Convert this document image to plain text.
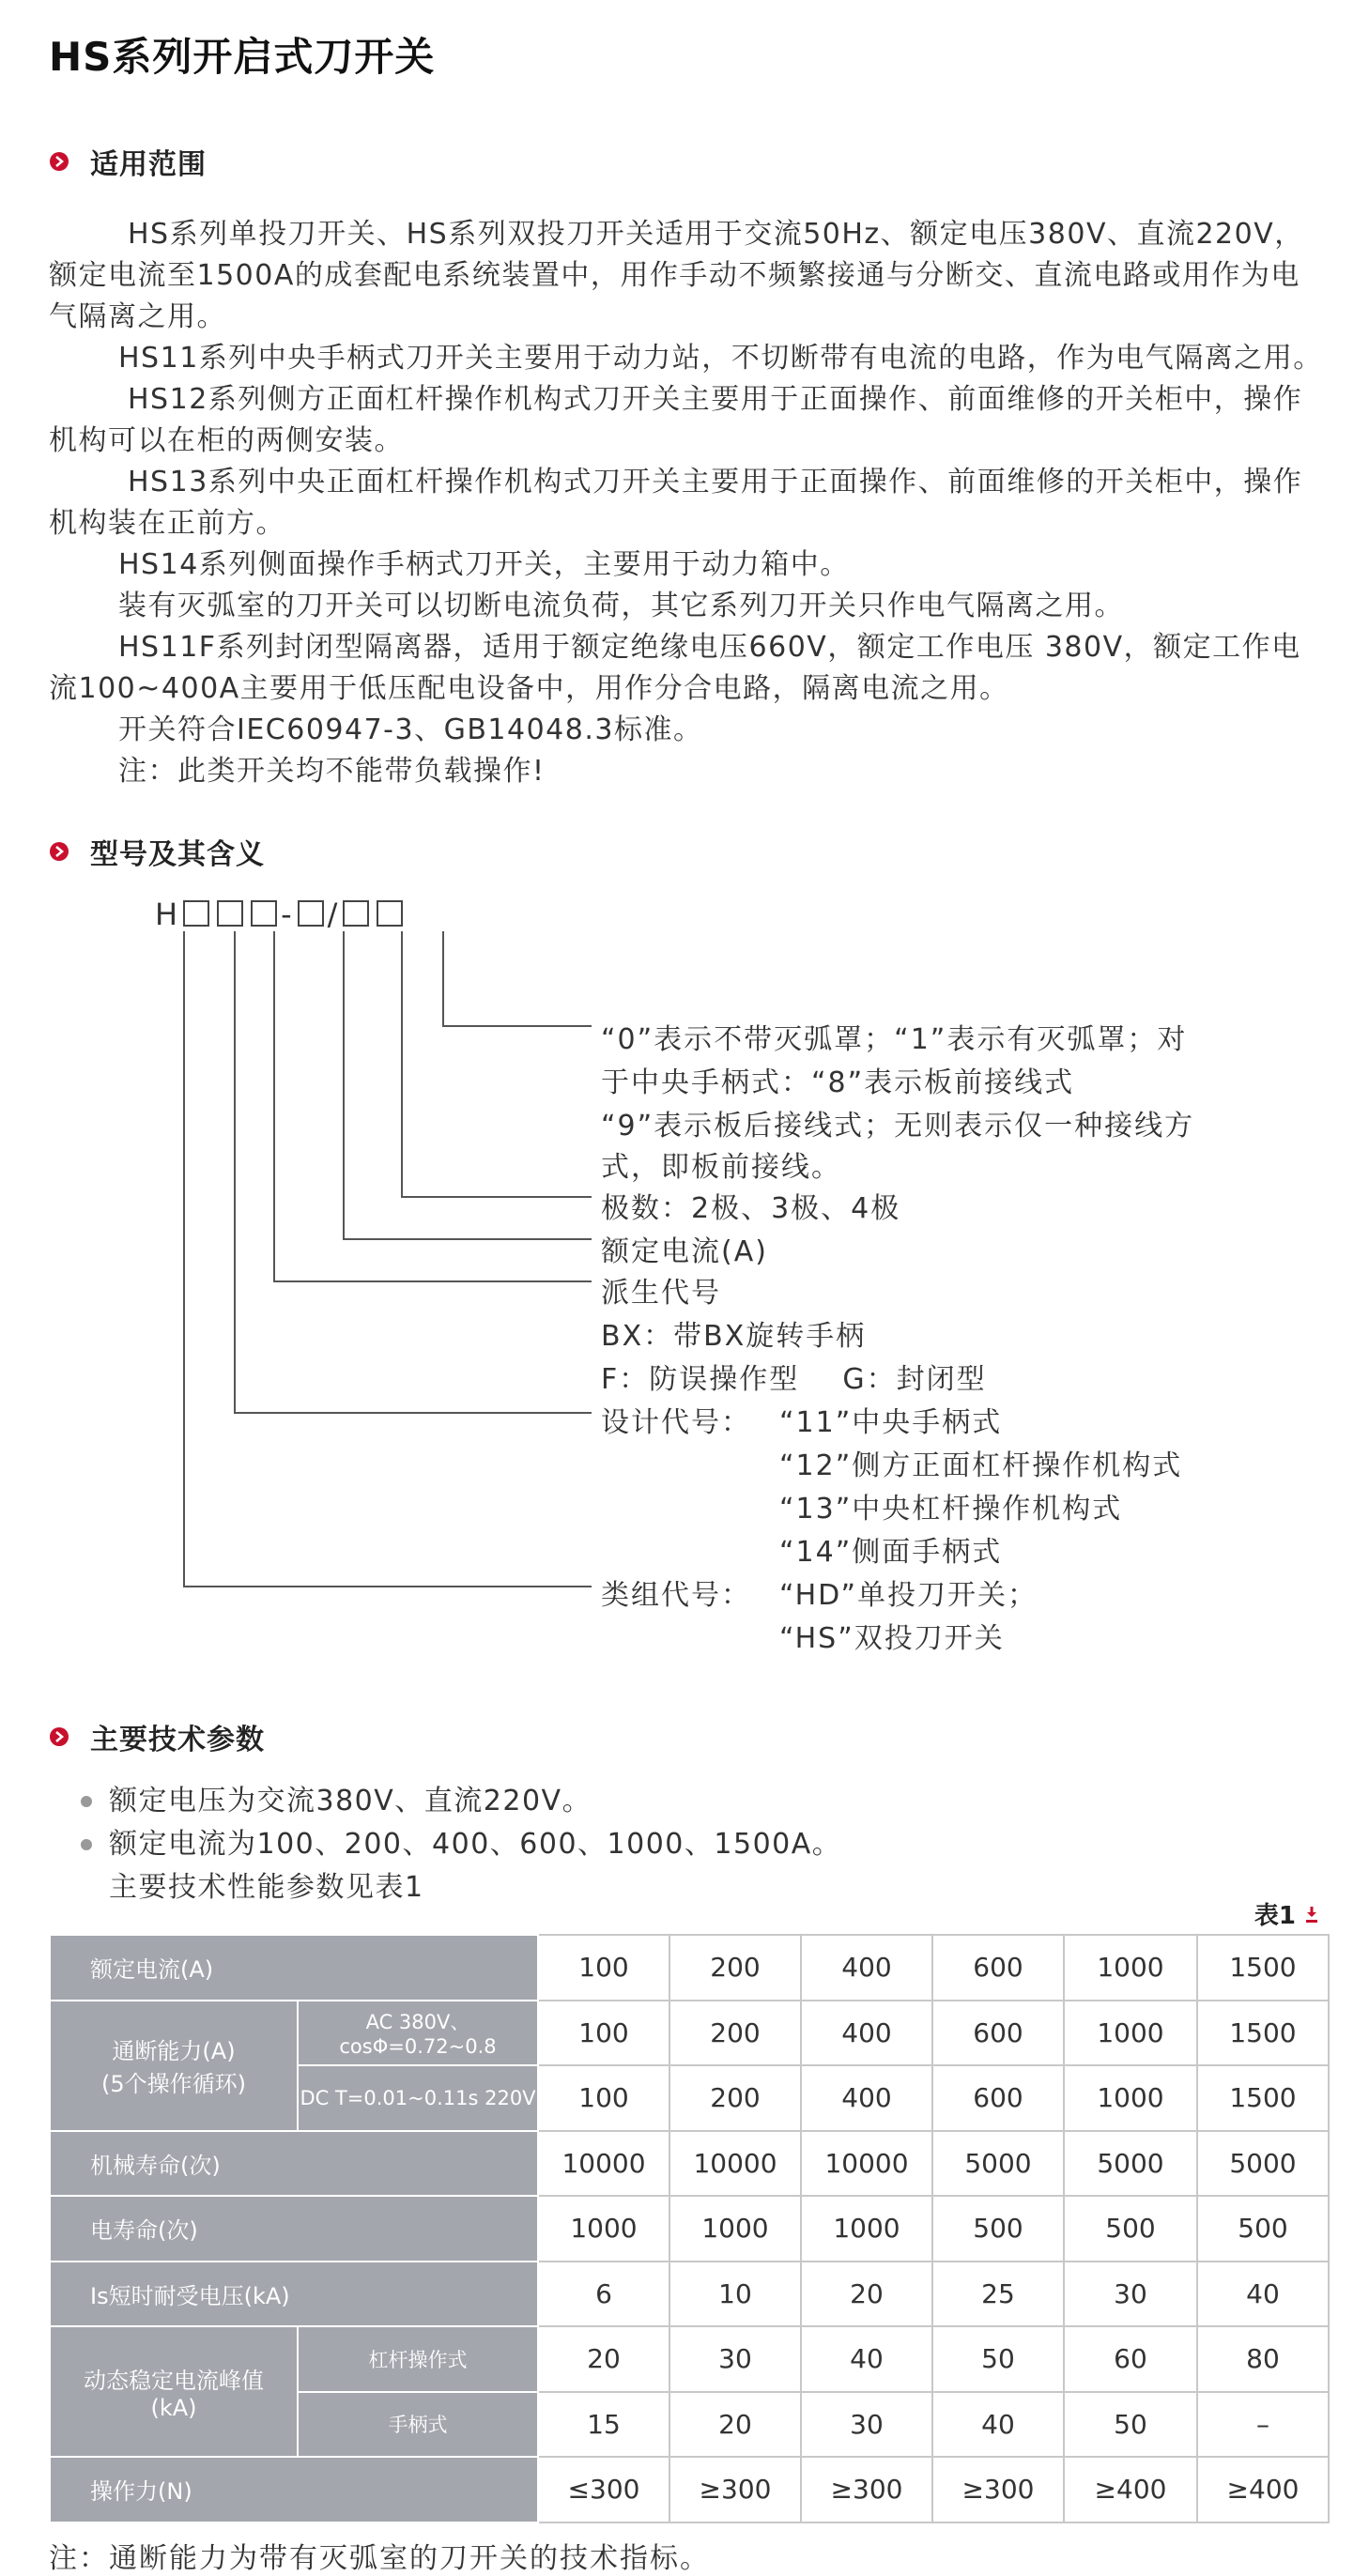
HS系列开启式刀开关
适用范围

HS系列单投刀开关、HS系列双投刀开关适用于交流50Hz、额定电压380V、直流220V，额定电流至1500A的成套配电系统装置中，用作手动不频繁接通与分断交、直流电路或用作为电气隔离之用。

HS11系列中央手柄式刀开关主要用于动力站，不切断带有电流的电路，作为电气隔离之用。

HS12系列侧方正面杠杆操作机构式刀开关主要用于正面操作、前面维修的开关柜中，操作机构可以在柜的两侧安装。

HS13系列中央正面杠杆操作机构式刀开关主要用于正面操作、前面维修的开关柜中，操作机构装在正前方。

HS14系列侧面操作手柄式刀开关，主要用于动力箱中。

装有灭弧室的刀开关可以切断电流负荷，其它系列刀开关只作电气隔离之用。

HS11F系列封闭型隔离器，适用于额定绝缘电压660V，额定工作电压 380V，额定工作电流100~400A主要用于低压配电设备中，用作分合电路，隔离电流之用。

开关符合IEC60947-3、GB14048.3标准。

注：此类开关均不能带负载操作!

型号及其含义
H	- /
“0”表示不带灭弧罩；“1”表示有灭弧罩；对
于中央手柄式：“8”表示板前接线式
“9”表示板后接线式；无则表示仅一种接线方
式，即板前接线。
极数：2极、3极、4极
额定电流(A)
派生代号
BX：带BX旋转手柄
F：防误操作型    G：封闭型
设计代号： “11”中央手柄式
“12”侧方正面杠杆操作机构式
“13”中央杠杆操作机构式
“14”侧面手柄式
类组代号： “HD”单投刀开关；
“HS”双投刀开关
主要技术参数
额定电压为交流380V、直流220V。
额定电流为100、200、400、600、1000、1500A。
主要技术性能参数见表1
表1
额定电流(A)		100	200	400	600	1000	1500

通断能力(A)
(5个操作循环)	AC 380V、cosΦ=0.72~0.8	100	200	400	600	1000	1500
	DC T=0.01~0.11s 220V	100	200	400	600	1000	1500
机械寿命(次)		10000	10000	10000	5000	5000	5000
电寿命(次)		1000	1000	1000	500	500	500
Is短时耐受电压(kA)		6	10	20	25	30	40

动态稳定电流峰值
(kA)	杠杆操作式	20	30	40	50	60	80
	手柄式	15	20	30	40	50	–
操作力(N)		≤300	≥300	≥300	≥300	≥400	≥400
注：通断能力为带有灭弧室的刀开关的技术指标。
